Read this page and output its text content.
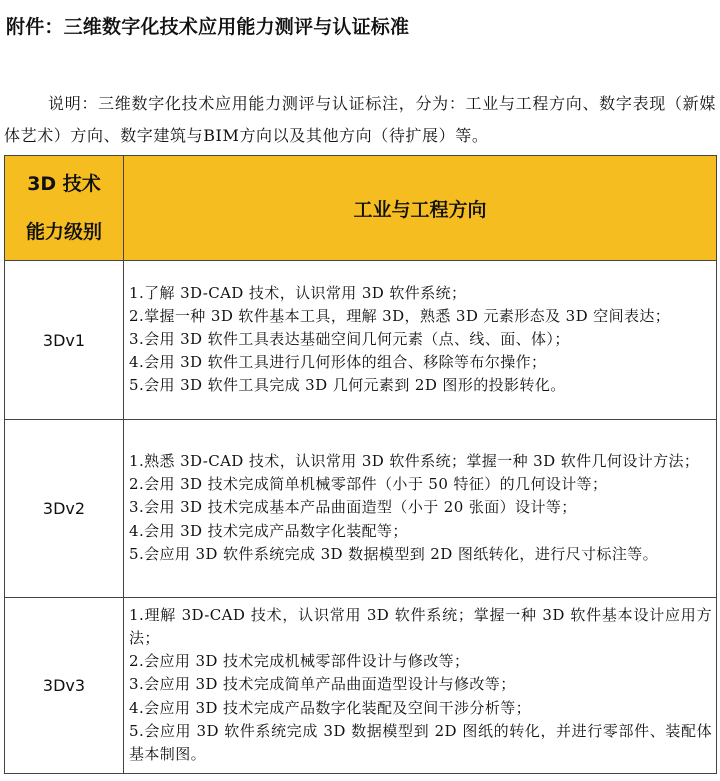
附件：三维数字化技术应用能力测评与认证标准
说明：三维数字化技术应用能力测评与认证标注，分为：工业与工程方向、数字表现（新媒体艺术）方向、数字建筑与BIM方向以及其他方向（待扩展）等。
3D 技术
能力级别	工业与工程方向
3Dv1	1.了解 3D-CAD 技术，认识常用 3D 软件系统；
2.掌握一种 3D 软件基本工具，理解 3D，熟悉 3D 元素形态及 3D 空间表达；
3.会用 3D 软件工具表达基础空间几何元素（点、线、面、体）；
4.会用 3D 软件工具进行几何形体的组合、移除等布尔操作；
5.会用 3D 软件工具完成 3D 几何元素到 2D 图形的投影转化。

3Dv2	1.熟悉 3D-CAD 技术，认识常用 3D 软件系统；掌握一种 3D 软件几何设计方法；
2.会用 3D 技术完成简单机械零部件（小于 50 特征）的几何设计等；
3.会用 3D 技术完成基本产品曲面造型（小于 20 张面）设计等；
4.会用 3D 技术完成产品数字化装配等；
5.会应用 3D 软件系统完成 3D 数据模型到 2D 图纸转化，进行尺寸标注等。

3Dv3	1.理解 3D-CAD 技术，认识常用 3D 软件系统；掌握一种 3D 软件基本设计应用方法；
2.会应用 3D 技术完成机械零部件设计与修改等；
3.会应用 3D 技术完成简单产品曲面造型设计与修改等；
4.会应用 3D 技术完成产品数字化装配及空间干涉分析等；
5.会应用 3D 软件系统完成 3D 数据模型到 2D 图纸的转化，并进行零部件、装配体基本制图。
